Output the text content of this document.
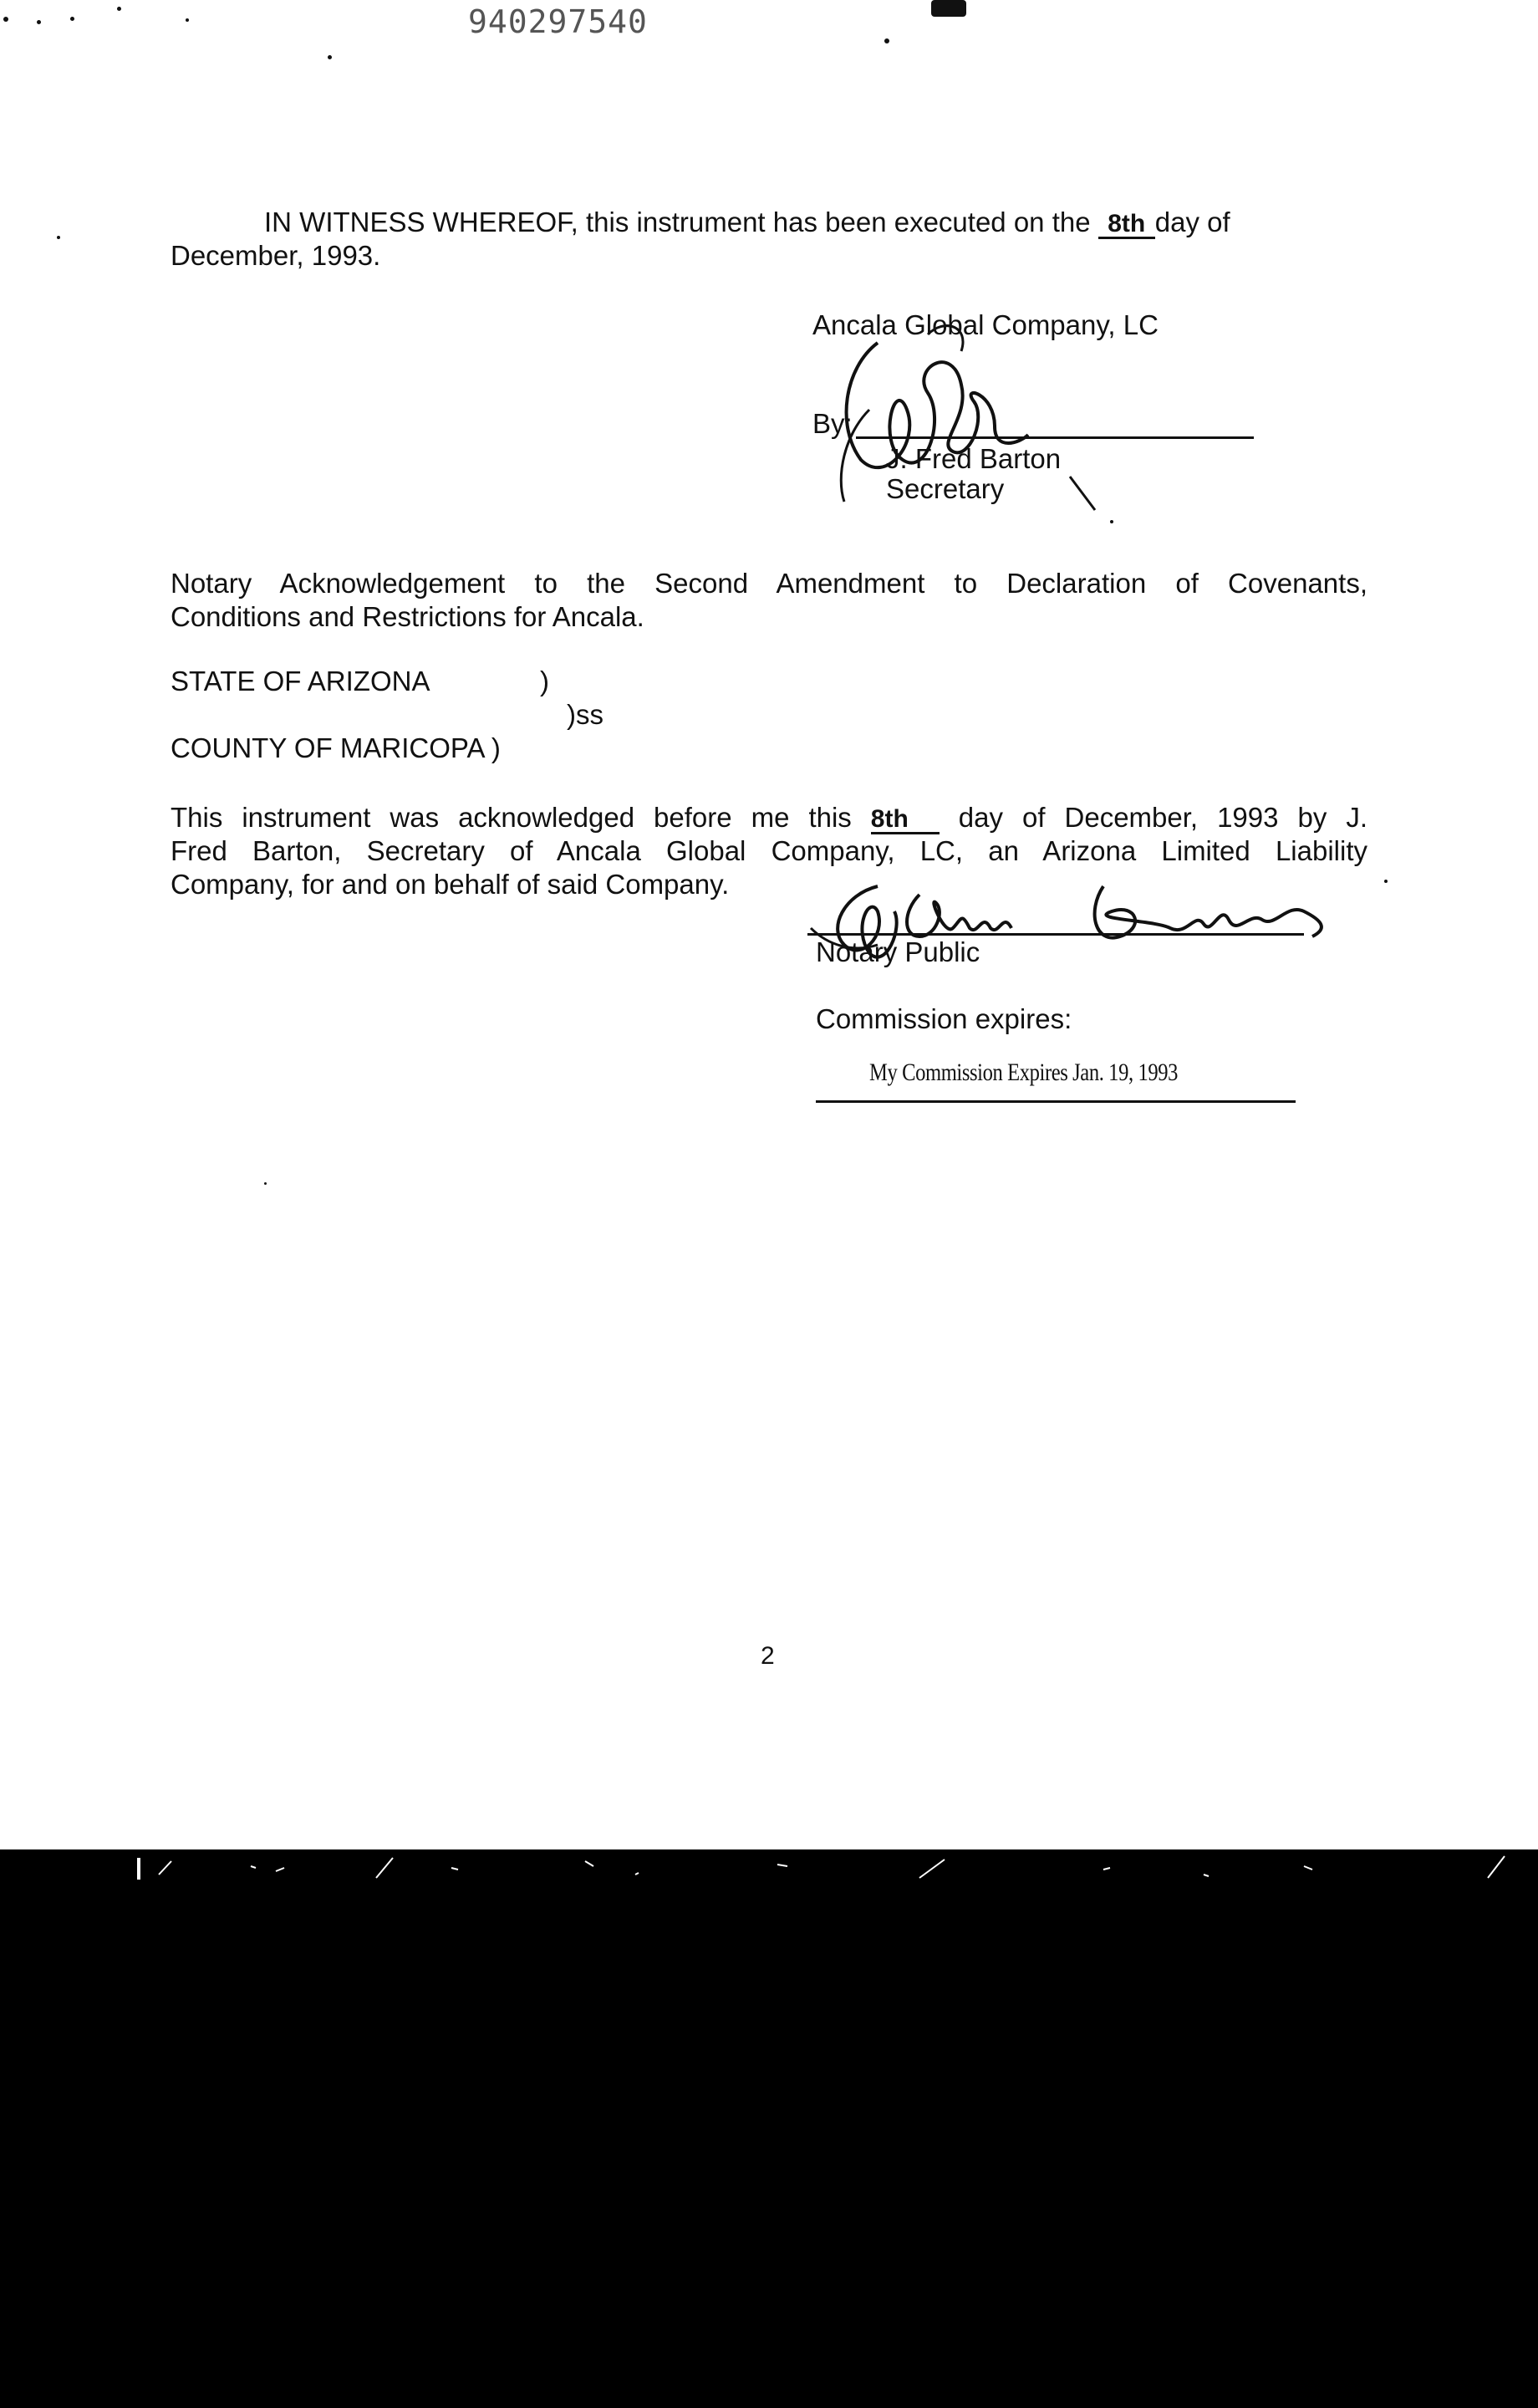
940297540
IN WITNESS WHEREOF, this instrument has been executed on the 8th day of
December, 1993.
Ancala Global Company, LC
By:
J. Fred Barton
Secretary
Notary Acknowledgement to the Second Amendment to Declaration of Covenants,
Conditions and Restrictions for Ancala.
STATE OF ARIZONA	)
)ss
COUNTY OF MARICOPA )
This instrument was acknowledged before me this 8th day of December, 1993 by J.
Fred Barton, Secretary of Ancala Global Company, LC, an Arizona Limited Liability
Company, for and on behalf of said Company.
Notary Public
Commission expires:
My Commission Expires Jan. 19, 1993
2
